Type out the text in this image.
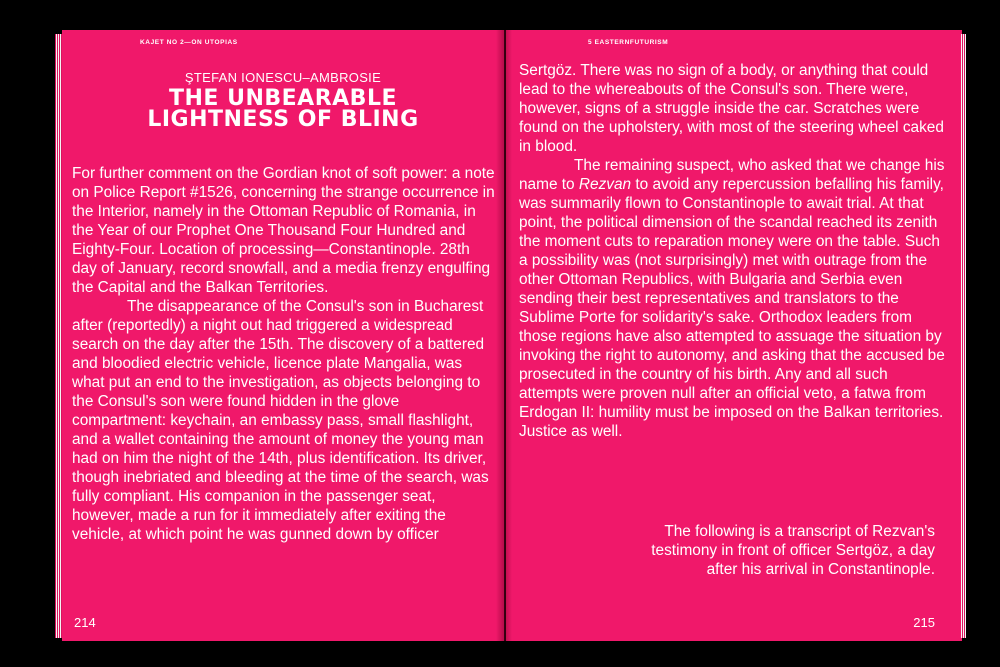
KAJET NO 2—ON UTOPIAS
ŞTEFAN IONESCU–AMBROSIE
THE UNBEARABLE
LIGHTNESS OF BLING

For further comment on the Gordian knot of soft power: a note on Police Report #1526, concerning the strange occurrence in the Interior, namely in the Ottoman Republic of Romania, in the Year of our Prophet One Thousand Four Hundred and Eighty-Four. Location of processing—Constantinople. 28th day of January, record snowfall, and a media frenzy engulfing the Capital and the Balkan Territories.

The disappearance of the Consul's son in Bucharest after (reportedly) a night out had triggered a widespread search on the day after the 15th. The discovery of a battered and bloodied electric vehicle, licence plate Mangalia, was what put an end to the investigation, as objects belonging to the Consul's son were found hidden in the glove compartment: keychain, an embassy pass, small flashlight, and a wallet containing the amount of money the young man had on him the night of the 14th, plus identification. Its driver, though inebriated and bleeding at the time of the search, was fully compliant. His companion in the passenger seat, however, made a run for it immediately after exiting the vehicle, at which point he was gunned down by officer

214
5 EASTERNFUTURISM

Sertgöz. There was no sign of a body, or anything that could lead to the whereabouts of the Consul's son. There were, however, signs of a struggle inside the car. Scratches were found on the upholstery, with most of the steering wheel caked in blood.

The remaining suspect, who asked that we change his name to Rezvan to avoid any repercussion befalling his family, was summarily flown to Constantinople to await trial. At that point, the political dimension of the scandal reached its zenith the moment cuts to reparation money were on the table. Such a possibility was (not surprisingly) met with outrage from the other Ottoman Republics, with Bulgaria and Serbia even sending their best representatives and translators to the Sublime Porte for solidarity's sake. Orthodox leaders from those regions have also attempted to assuage the situation by invoking the right to autonomy, and asking that the accused be prosecuted in the country of his birth. Any and all such attempts were proven null after an official veto, a fatwa from Erdogan II: humility must be imposed on the Balkan territories. Justice as well.

The following is a transcript of Rezvan's

testimony in front of officer Sertgöz, a day

after his arrival in Constantinople.

215
